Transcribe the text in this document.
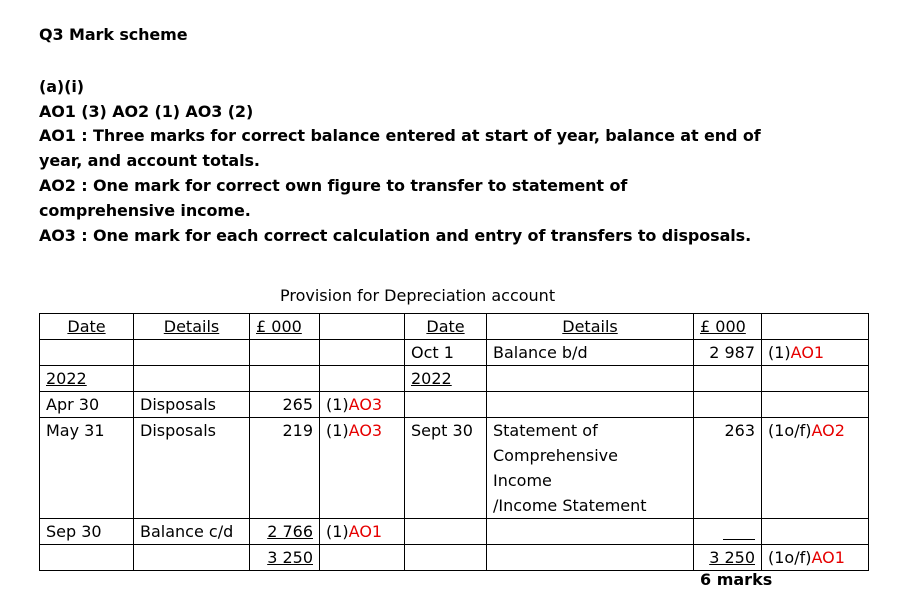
Q3 Mark scheme
(a)(i)
AO1 (3) AO2 (1) AO3 (2)
AO1 : Three marks for correct balance entered at start of year, balance at end of
year, and account totals.
AO2 : One mark for correct own figure to transfer to statement of
comprehensive income.
AO3 : One mark for each correct calculation and entry of transfers to disposals.
Provision for Depreciation account
Date	Details	£ 000		Date	Details	£ 000	
				Oct 1	Balance b/d	2 987	(1)AO1
2022				2022			
Apr 30	Disposals	265	(1)AO3				
May 31	Disposals	219	(1)AO3	Sept 30	Statement of
Comprehensive
Income
/Income Statement	263	(1o/f)AO2
Sep 30	Balance c/d	2 766	(1)AO1			

		3 250				3 250	(1o/f)AO1
6 marks
